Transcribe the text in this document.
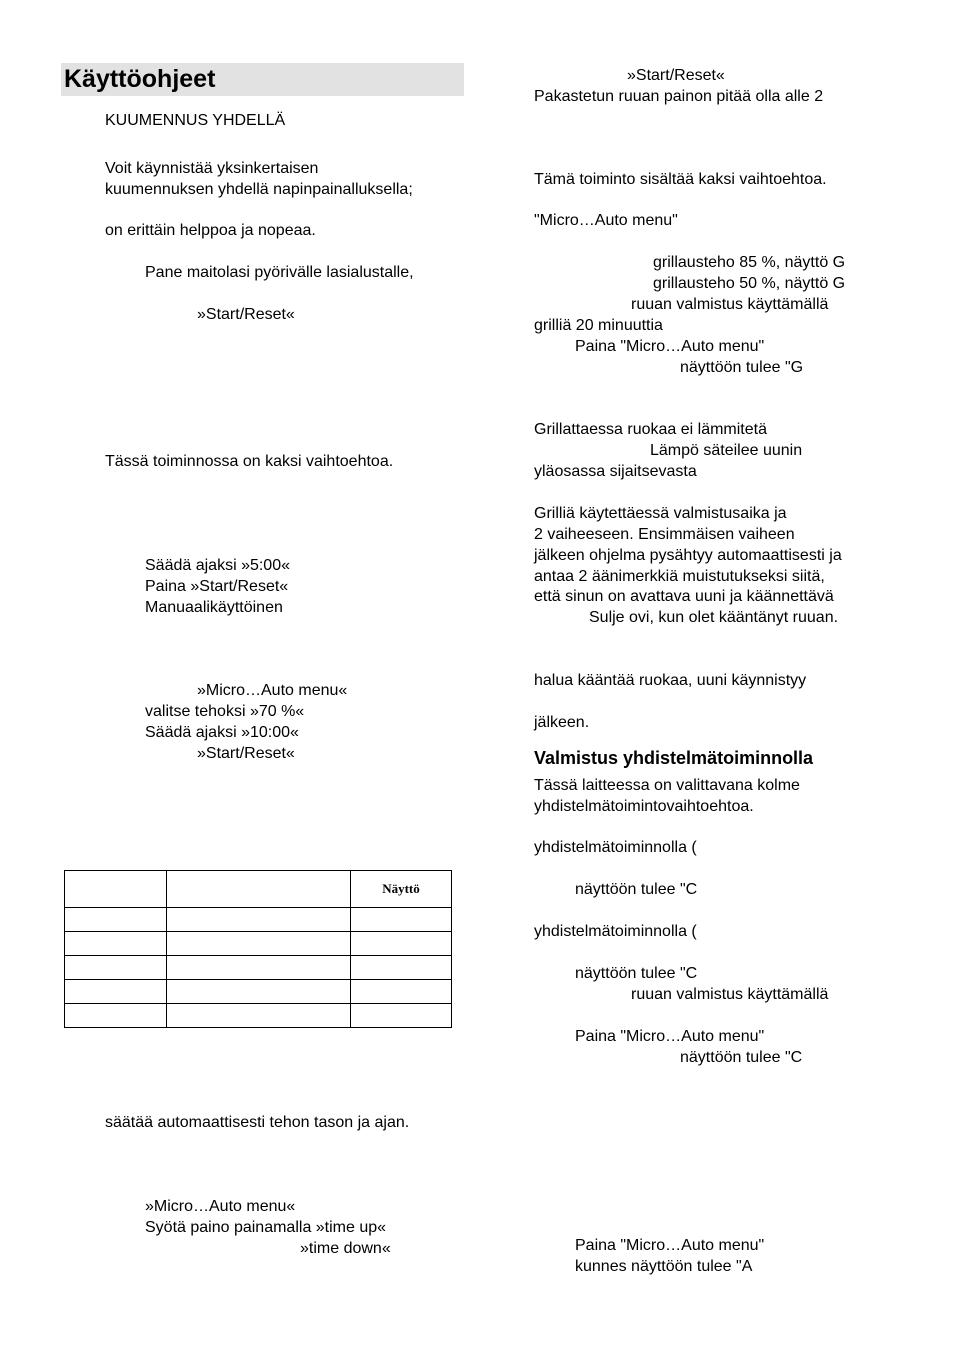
Käyttöohjeet
KUUMENNUS YHDELLÄ
Voit käynnistää yksinkertaisen
kuumennuksen yhdellä napinpainalluksella;
on erittäin helppoa ja nopeaa.
Pane maitolasi pyörivälle lasialustalle,
»Start/Reset«
Tässä toiminnossa on kaksi vaihtoehtoa.
Säädä ajaksi »5:00«
Paina »Start/Reset«
Manuaalikäyttöinen
»Micro…Auto menu«
valitse tehoksi »70 %«
Säädä ajaksi »10:00«
»Start/Reset«
		Näyttö

säätää automaattisesti tehon tason ja ajan.
»Micro…Auto menu«
Syötä paino painamalla »time up«
»time down«
»Start/Reset«
Pakastetun ruuan painon pitää olla alle 2
Tämä toiminto sisältää kaksi vaihtoehtoa.
"Micro…Auto menu"
grillausteho 85 %, näyttö G
grillausteho 50 %, näyttö G
ruuan valmistus käyttämällä
grilliä 20 minuuttia
Paina "Micro…Auto menu"
näyttöön tulee "G
Grillattaessa ruokaa ei lämmitetä
Lämpö säteilee uunin
yläosassa sijaitsevasta
Grilliä käytettäessä valmistusaika ja
2 vaiheeseen. Ensimmäisen vaiheen
jälkeen ohjelma pysähtyy automaattisesti ja
antaa 2 äänimerkkiä muistutukseksi siitä,
että sinun on avattava uuni ja käännettävä
Sulje ovi, kun olet kääntänyt ruuan.
halua kääntää ruokaa, uuni käynnistyy
jälkeen.
Valmistus yhdistelmätoiminnolla
Tässä laitteessa on valittavana kolme
yhdistelmätoimintovaihtoehtoa.
yhdistelmätoiminnolla (
näyttöön tulee "C
yhdistelmätoiminnolla (
näyttöön tulee "C
ruuan valmistus käyttämällä
Paina "Micro…Auto menu"
näyttöön tulee "C
Paina "Micro…Auto menu"
kunnes näyttöön tulee "A
